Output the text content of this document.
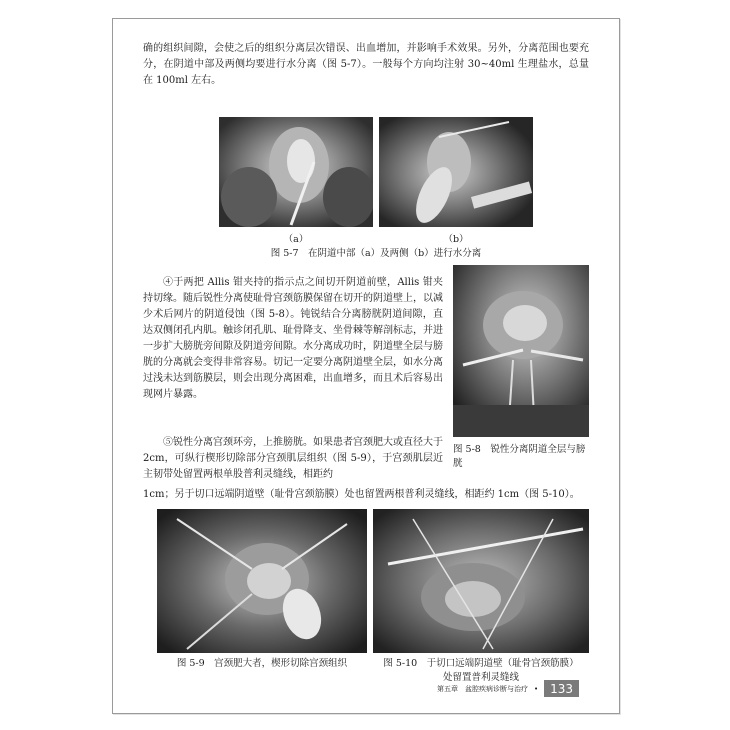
确的组织间隙，会使之后的组织分离层次错误、出血增加，并影响手术效果。另外，分离范围也要充分，在阴道中部及两侧均要进行水分离（图 5-7）。一般每个方向均注射 30~40ml 生理盐水，总量在 100ml 左右。

（a）	（b）
图 5-7　在阴道中部（a）及两侧（b）进行水分离

④于两把 Allis 钳夹持的指示点之间切开阴道前壁，Allis 钳夹持切缘。随后锐性分离使耻骨宫颈筋膜保留在切开的阴道壁上，以减少术后网片的阴道侵蚀（图 5-8）。钝锐结合分离膀胱阴道间隙，直达双侧闭孔内肌。触诊闭孔肌、耻骨降支、坐骨棘等解剖标志，并进一步扩大膀胱旁间隙及阴道旁间隙。水分离成功时，阴道壁全层与膀胱的分离就会变得非常容易。切记一定要分离阴道壁全层，如水分离过浅未达到筋膜层，则会出现分离困难，出血增多，而且术后容易出现网片暴露。

⑤锐性分离宫颈环旁，上推膀胱。如果患者宫颈肥大或直径大于 2cm，可纵行楔形切除部分宫颈肌层组织（图 5-9），于宫颈肌层近主韧带处留置两根单股普利灵缝线，相距约

图 5-8　锐性分离阴道全层与膀胱

1cm；另于切口远端阴道壁（耻骨宫颈筋膜）处也留置两根普利灵缝线，相距约 1cm（图 5-10）。

图 5-9　宫颈肥大者，楔形切除宫颈组织	图 5-10　于切口远端阴道壁（耻骨宫颈筋膜）处留置普利灵缝线
第五章　盆腔疾病诊断与治疗 •	133
